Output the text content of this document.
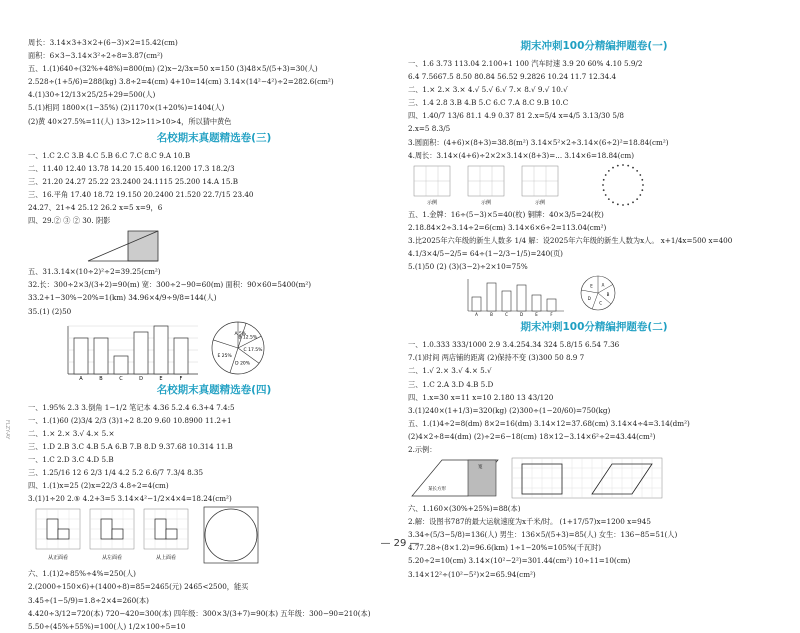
周长：3.14×3+3×2+(6−3)×2=15.42(cm)
面积：6×3−3.14×3²÷2÷8=3.87(cm²)
五、1.(1)640÷(32%+48%)=800(m) (2)x−2/3x=50 x=150 (3)48×5/(5+3)=30(人)
2.528÷(1+5/6)=288(kg) 3.8÷2=4(cm) 4+10=14(cm) 3.14×(14²−4²)÷2=282.6(cm²)
4.(1)30÷12/13×25/25+29=500(人)
5.(1)相同 1800×(1−35%) (2)1170×(1+20%)=1404(人)
(2)黄 40×27.5%=11(人) 13>12>11>10>4，所以猜中黄色
名校期末真题精选卷(三)
一、1.C 2.C 3.B 4.C 5.B 6.C 7.C 8.C 9.A 10.B
二、11.40 12.40 13.78 14.20 15.400 16.1200 17.3 18.2/3
三、21.20 24.27 25.22 23.2400 24.1115 25.200 14.A 15.B
三、16.平角 17.40 18.72 19.150 20.2400 21.520 22.7/15 23.40
24.27、21÷4 25.12 26.2 x=5 x=9，6
四、29.② ③ ② 30. 阴影
五、31.3.14×(10÷2)²÷2=39.25(cm²)
32.长：300÷2×3/(3+2)=90(m) 宽：300÷2−90=60(m) 面积：90×60=5400(m²)
33.2+1−30%−20%=1(km) 34.96×4/9÷9/8=144(人)
35.(1) (2)50
A	B	C	D	E	F
A 5%
B 12.5%
C 17.5%
D 20%
E 25%
名校期末真题精选卷(四)
一、1.95% 2.3 3.倒角 1−1/2 笔记本 4.36 5.2.4 6.3+4 7.4:5
一、1.(1)60 (2)3/4 2/3 (3)1÷2 8.20 9.60 10.8900 11.2+1
二、1.× 2.× 3.√ 4.× 5.×
三、1.D 2.B 3.C 4.B 5.A 6.B 7.B 8.D 9.37.68 10.314 11.B
一、1.C 2.D 3.C 4.D 5.B
三、1.25/16 12 6 2/3 1/4 4.2 5.2 6.6/7 7.3/4 8.35
四、1.(1)x=25 (2)x=22/3 4.8÷2=4(cm)
3.(1)1÷20 2.⑤ 4.2+3=5 3.14×4²−1/2×4×4=18.24(cm²)
从正面看	从左面看	从上面看
六、1.(1)2÷85%÷4%=250(人)
2.(2000÷150×6)+(1400÷8)=85=2465(元) 2465<2500，能买
3.45÷(1−5/9)=1.8÷2×4=260(本)
4.420÷3/12=720(本) 720−420=300(本) 四年级：300×3/(3+7)=90(本) 五年级：300−90=210(本)
5.50÷(45%+55%)=100(人) 1/2×100÷5=10
期末冲刺100分精编押题卷(一)
一、1.6 3.73 113.04 2.100+1 100 汽车时速 3.9 20 60% 4.10 5.9/2
6.4 7.5667.5 8.50 80.84 56.52 9.2826 10.24 11.7 12.34.4
二、1.× 2.× 3.× 4.√ 5.√ 6.√ 7.× 8.√ 9.√ 10.√
三、1.4 2.8 3.B 4.B 5.C 6.C 7.A 8.C 9.B 10.C
四、1.40/7 13/6 81.1 4.9 0.37 81 2.x=5/4 x=4/5 3.13/30 5/8
2.x=5 8.3/5
3.圆面积：(4+6)×(8+3)=38.8(m²) 3.14×5²×2÷3.14×(6÷2)²=18.84(cm²)
4.周长：3.14×(4+6)÷2×2×3.14×(8+3)=... 3.14×6=18.84(cm)
示例	示例	示例
五、1.金牌：16÷(5−3)×5=40(枚) 铜牌：40×3/5=24(枚)
2.18.84×2÷3.14÷2=6(cm) 3.14×6×6÷2=113.04(cm²)
3.比2025年六年级的新生人数多 1/4 解：设2025年六年级的新生人数为x人。 x+1/4x=500 x=400
4.1/3×4/5−2/5= 64÷(1−2/3−1/5)=240(页)
5.(1)50 (2) (3)(3−2)÷2×10=75%
A	B	C	D	E	F
A
B
C
D
E
期末冲刺100分精编押题卷(二)
一、1.0.333 333/1000 2.9 3.4.254.34 324 5.8/15 6.54 7.36
7.(1)时间 两店铺的距离 (2)保持不变 (3)300 50 8.9 7
二、1.√ 2.× 3.√ 4.× 5.√
三、1.C 2.A 3.D 4.B 5.D
四、1.x=30 x=11 x=10 2.180 13 43/120
3.(1)240×(1+1/3)=320(kg) (2)300÷(1−20/60)=750(kg)
五、1.(1)4÷2=8(dm) 8×2=16(dm) 3.14×12=37.68(cm) 3.14×4÷4=3.14(dm²)
(2)4×2÷8=4(dm) (2)÷2=6−18(cm) 18×12−3.14×6²÷2=43.44(cm²)
2.示例：
某长方形
宽
六、1.160×(30%+25%)=88(本)
2.解：设图书787的最大运航速度为x千米/时。 (1+17/57)x=1200 x=945
3.34÷(5/3−5/8)=136(人) 男生：136×5/(5+3)=85(人) 女生：136−85=51(人)
4.77.28÷(8×1.2)=96.6(km) 1÷1−20%=105%(千瓦时)
5.20÷2=10(cm) 3.14×(10²−2²)=301.44(cm²) 10÷11=10(cm)
3.14×12²÷(10²−5²)×2=65.94(cm²)
— 29 —
FLZY-AY
